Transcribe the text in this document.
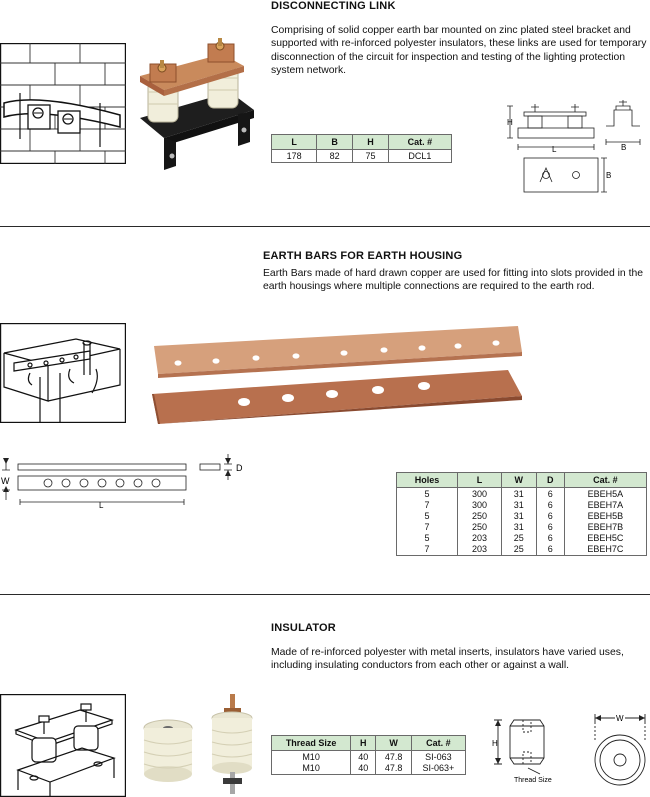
DISCONNECTING LINK

Comprising of solid copper earth bar mounted on zinc plated steel bracket and supported with re-inforced polyester insulators, these links are used for temporary disconnection of the circuit for inspection and testing of the lighting protection system network.

L	B	H	Cat. #
178	82	75	DCL1
H
L	B
B
EARTH BARS FOR EARTH HOUSING

Earth Bars made of hard drawn copper are used for fitting into slots provided in the earth housings where multiple connections are required to the earth rod.

W
L
D
Holes	L	W	D	Cat. #
5	300	31	6	EBEH5A
7	300	31	6	EBEH7A
5	250	31	6	EBEH5B
7	250	31	6	EBEH7B
5	203	25	6	EBEH5C
7	203	25	6	EBEH7C
INSULATOR

Made of re-inforced polyester with metal inserts, insulators have varied uses, including insulating conductors from each other or against a wall.

Thread Size	H	W	Cat. #
M10	40	47.8	SI-063
M10	40	47.8	SI-063+
H
Thread Size
W
